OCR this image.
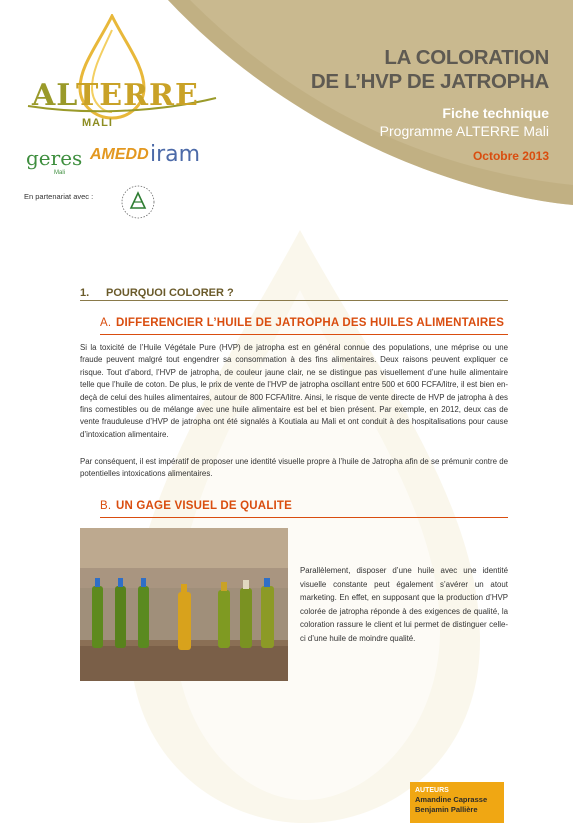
ALTERRE
MALI
geres
Mali
AMEDD iram
En partenariat avec :
LA COLORATION
DE L’HVP DE JATROPHA
Fiche technique
Programme ALTERRE Mali
Octobre 2013
1. POURQUOI COLORER ?
A. DIFFERENCIER L’HUILE DE JATROPHA DES HUILES ALIMENTAIRES

Si la toxicité de l’Huile Végétale Pure (HVP) de jatropha est en général connue des populations, une méprise ou une fraude peuvent malgré tout engendrer sa consommation à des fins alimentaires. Deux raisons peuvent expliquer ce risque. Tout d’abord, l’HVP de jatropha, de couleur jaune clair, ne se distingue pas visuellement d’une huile alimentaire telle que l’huile de coton. De plus, le prix de vente de l’HVP de jatropha oscillant entre 500 et 600 FCFA/litre, il est bien en-deçà de celui des huiles alimentaires, autour de 800 FCFA/litre. Ainsi, le risque de vente directe de HVP de jatropha à des fins comestibles ou de mélange avec une huile alimentaire est bel et bien présent. Par exemple, en 2012, deux cas de vente frauduleuse d’HVP de jatropha ont été signalés à Koutiala au Mali et ont conduit à des hospitalisations pour cause d’intoxication alimentaire.

Par conséquent, il est impératif de proposer une identité visuelle propre à l’huile de Jatropha afin de se prémunir contre de potentielles intoxications alimentaires.

B. UN GAGE VISUEL DE QUALITE

Parallèlement, disposer d’une huile avec une identité visuelle constante peut également s’avérer un atout marketing. En effet, en supposant que la production d’HVP colorée de jatropha réponde à des exigences de qualité, la coloration rassure le client et lui permet de distinguer celle-ci d’une huile de moindre qualité.

AUTEURS
Amandine Caprasse
Benjamin Pallière
